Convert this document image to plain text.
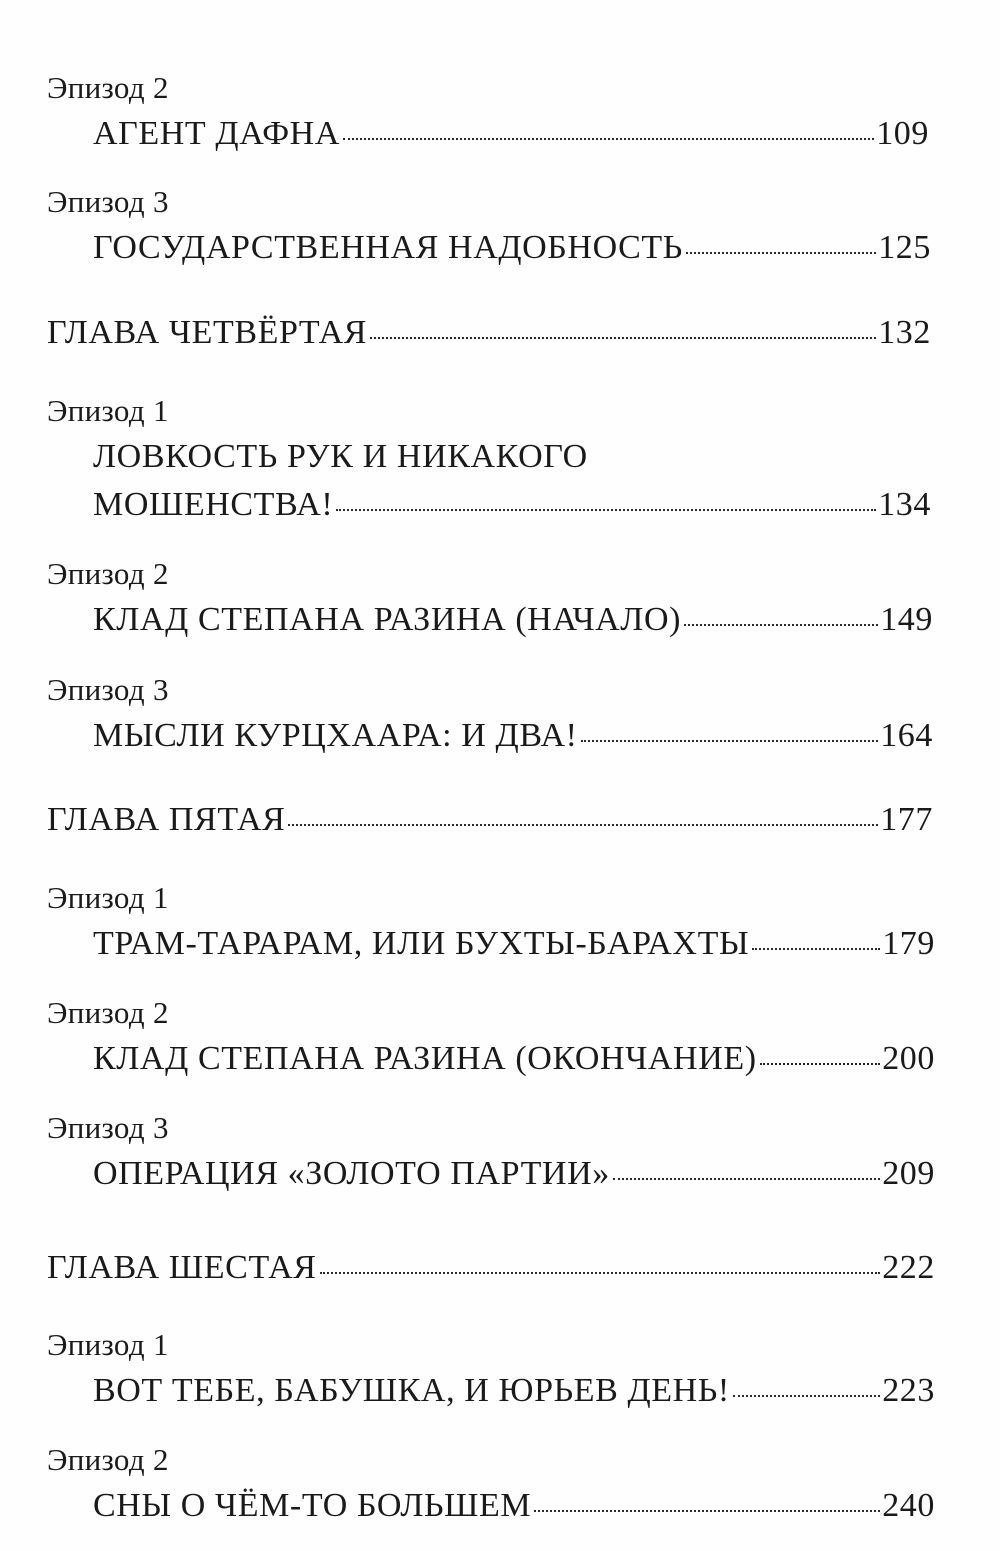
Эпизод 2
АГЕНТ ДАФНА	109
Эпизод 3
ГОСУДАРСТВЕННАЯ НАДОБНОСТЬ	125
ГЛАВА ЧЕТВЁРТАЯ	132
Эпизод 1
ЛОВКОСТЬ РУК И НИКАКОГО
МОШЕНСТВА!	134
Эпизод 2
КЛАД СТЕПАНА РАЗИНА (НАЧАЛО)	149
Эпизод 3
МЫСЛИ КУРЦХААРА: И ДВА!	164
ГЛАВА ПЯТАЯ	177
Эпизод 1
ТРАМ-ТАРАРАМ, ИЛИ БУХТЫ-БАРАХТЫ	179
Эпизод 2
КЛАД СТЕПАНА РАЗИНА (ОКОНЧАНИЕ)	200
Эпизод 3
ОПЕРАЦИЯ «ЗОЛОТО ПАРТИИ»	209
ГЛАВА ШЕСТАЯ	222
Эпизод 1
ВОТ ТЕБЕ, БАБУШКА, И ЮРЬЕВ ДЕНЬ!	223
Эпизод 2
СНЫ О ЧЁМ-ТО БОЛЬШЕМ	240
